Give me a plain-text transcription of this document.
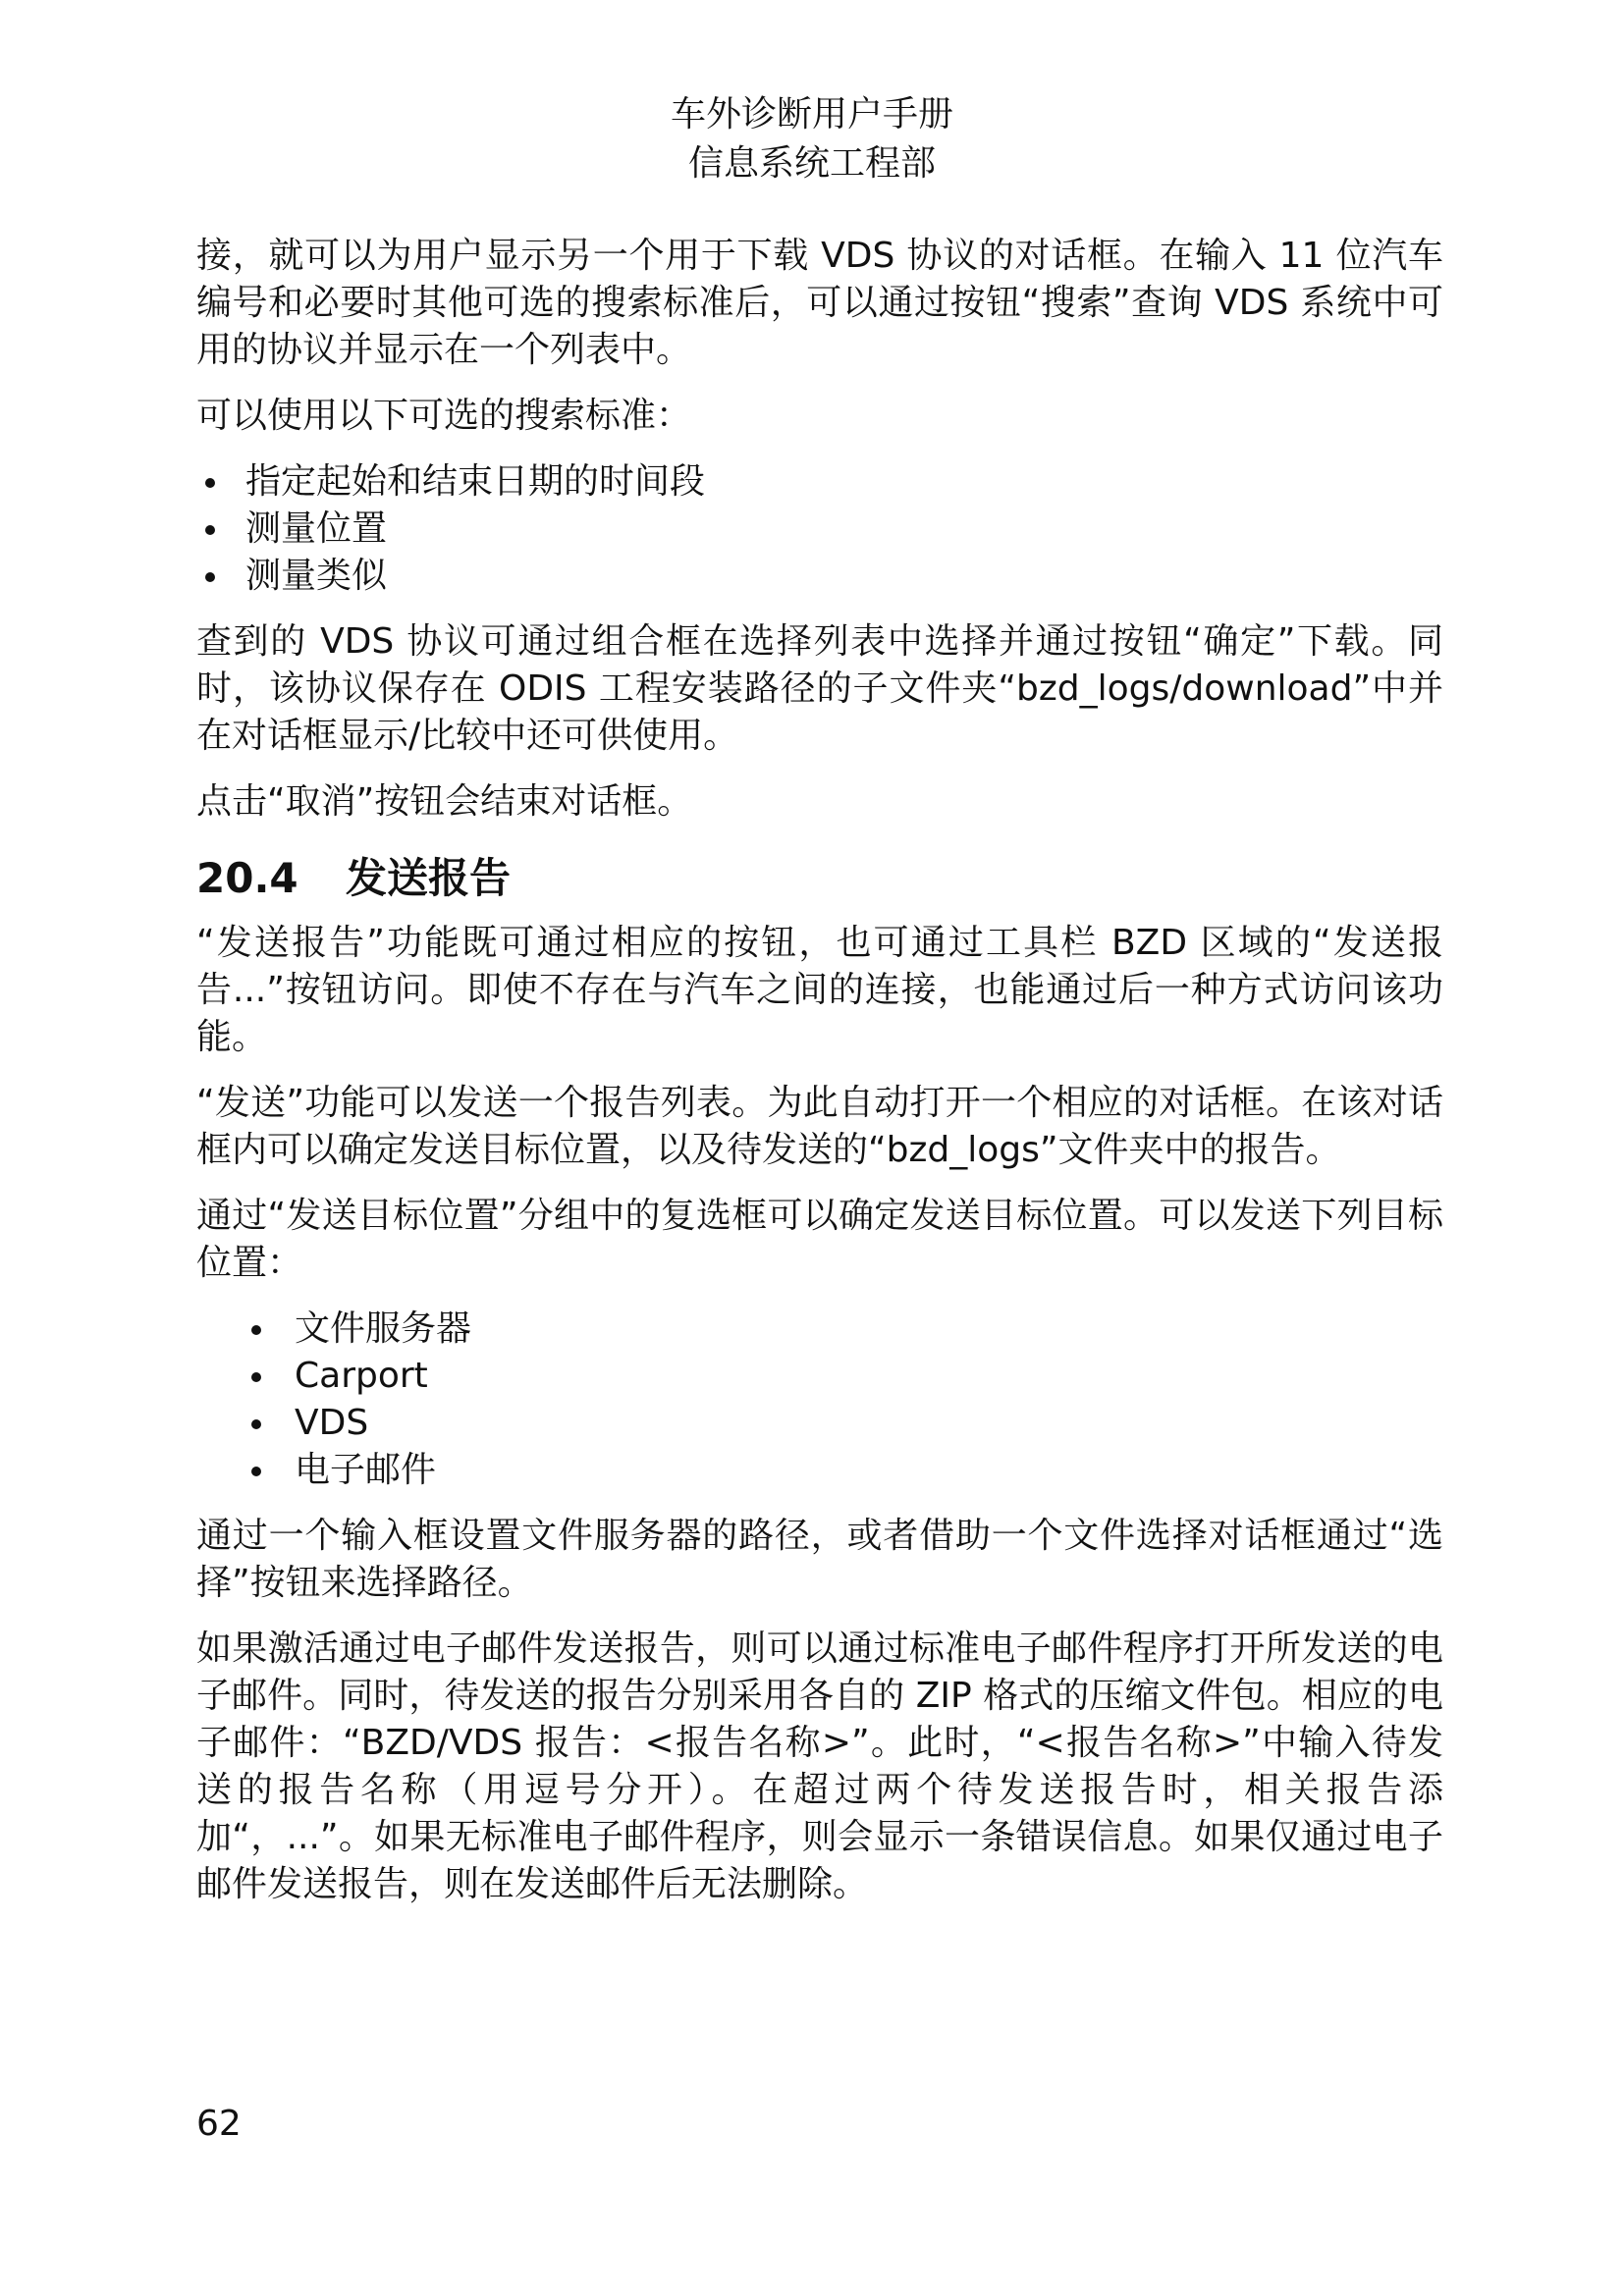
车外诊断用户手册
信息系统工程部

接，就可以为用户显示另一个用于下载 VDS 协议的对话框。在输入 11 位汽车编号和必要时其他可选的搜索标准后，可以通过按钮“搜索”查询 VDS 系统中可用的协议并显示在一个列表中。

可以使用以下可选的搜索标准：

指定起始和结束日期的时间段
测量位置
测量类似

查到的 VDS 协议可通过组合框在选择列表中选择并通过按钮“确定”下载。同时，该协议保存在 ODIS 工程安装路径的子文件夹“bzd_logs/download”中并在对话框显示/比较中还可供使用。

点击“取消”按钮会结束对话框。

20.4	发送报告

“发送报告”功能既可通过相应的按钮，也可通过工具栏 BZD 区域的“发送报告...”按钮访问。即使不存在与汽车之间的连接，也能通过后一种方式访问该功能。

“发送”功能可以发送一个报告列表。为此自动打开一个相应的对话框。在该对话框内可以确定发送目标位置，以及待发送的“bzd_logs”文件夹中的报告。

通过“发送目标位置”分组中的复选框可以确定发送目标位置。可以发送下列目标位置：

文件服务器
Carport
VDS
电子邮件

通过一个输入框设置文件服务器的路径，或者借助一个文件选择对话框通过“选择”按钮来选择路径。

如果激活通过电子邮件发送报告，则可以通过标准电子邮件程序打开所发送的电子邮件。同时，待发送的报告分别采用各自的 ZIP 格式的压缩文件包。相应的电子邮件：“BZD/VDS 报告：<报告名称>”。此时，“<报告名称>”中输入待发送的报告名称（用逗号分开）。在超过两个待发送报告时，相关报告添加“，...”。如果无标准电子邮件程序，则会显示一条错误信息。如果仅通过电子邮件发送报告，则在发送邮件后无法删除。

62
